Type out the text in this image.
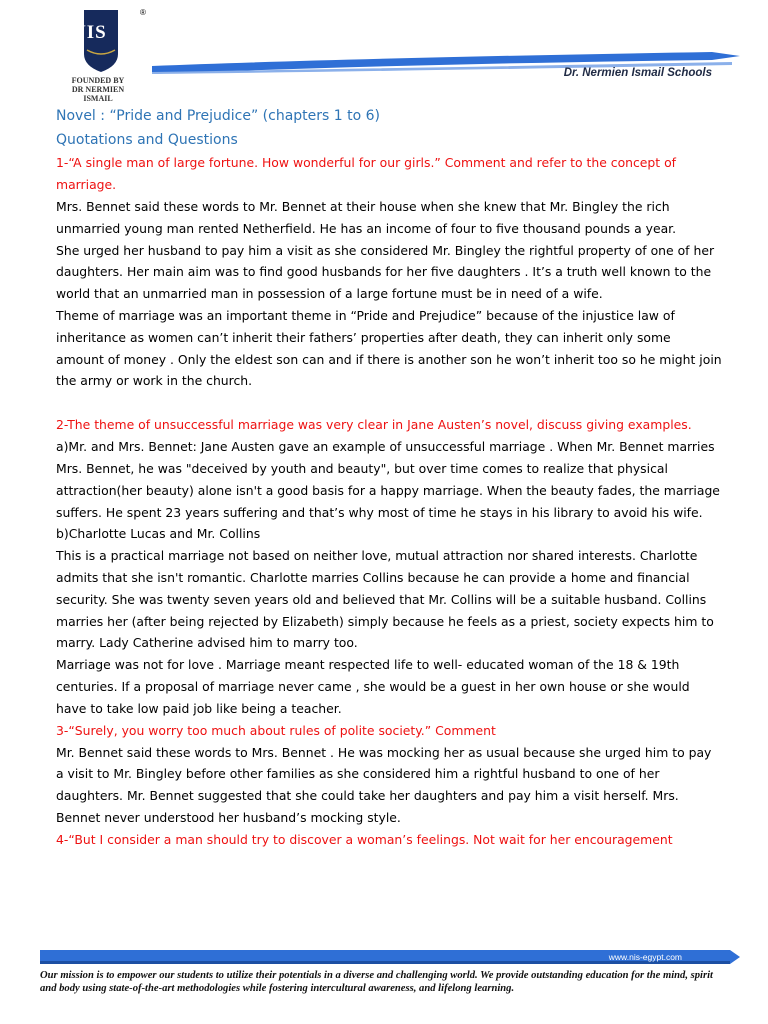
NIS
®
FOUNDED BY
DR NERMIEN ISMAIL
Dr. Nermien Ismail Schools

Novel : “Pride and Prejudice” (chapters 1 to 6)

Quotations and Questions

1-“A single man of large fortune. How wonderful for our girls.” Comment and refer to the concept of marriage.

Mrs. Bennet said these words to Mr. Bennet at their house when she knew that Mr. Bingley the rich unmarried young man rented Netherfield. He has an income of four to five thousand pounds a year.

She urged her husband to pay him a visit as she considered Mr. Bingley the rightful property of one of her daughters. Her main aim was to find good husbands for her five daughters . It’s a truth well known to the world that an unmarried man in possession of a large fortune must be in need of a wife.

Theme of marriage was an important theme in “Pride and Prejudice” because of the injustice law of inheritance as women can’t inherit their fathers’ properties after death, they can inherit only some amount of money . Only the eldest son can and if there is another son he won’t inherit too so he might join the army or work in the church.

2-The theme of unsuccessful marriage was very clear in Jane Austen’s novel, discuss giving examples.

a)Mr. and Mrs. Bennet: Jane Austen gave an example of unsuccessful marriage . When Mr. Bennet marries Mrs. Bennet, he was "deceived by youth and beauty", but over time comes to realize that physical attraction(her beauty) alone isn't a good basis for a happy marriage. When the beauty fades, the marriage suffers. He spent 23 years suffering and that’s why most of time he stays in his library to avoid his wife.

b)Charlotte Lucas and Mr. Collins

This is a practical marriage not based on neither love, mutual attraction nor shared interests. Charlotte admits that she isn't romantic. Charlotte marries Collins because he can provide a home and financial security. She was twenty seven years old and believed that Mr. Collins will be a suitable husband. Collins marries her (after being rejected by Elizabeth) simply because he feels as a priest, society expects him to marry. Lady Catherine advised him to marry too.

Marriage was not for love . Marriage meant respected life to well- educated woman of the 18 & 19th centuries. If a proposal of marriage never came , she would be a guest in her own house or she would have to take low paid job like being a teacher.

3-“Surely, you worry too much about rules of polite society.” Comment

Mr. Bennet said these words to Mrs. Bennet . He was mocking her as usual because she urged him to pay a visit to Mr. Bingley before other families as she considered him a rightful husband to one of her daughters. Mr. Bennet suggested that she could take her daughters and pay him a visit herself. Mrs. Bennet never understood her husband’s mocking style.

4-“But I consider a man should try to discover a woman’s feelings. Not wait for her encouragement

www.nis-egypt.com
Our mission is to empower our students to utilize their potentials in a diverse and challenging world. We provide outstanding education for the mind, spirit and body using state-of-the-art methodologies while fostering intercultural awareness, and lifelong learning.
